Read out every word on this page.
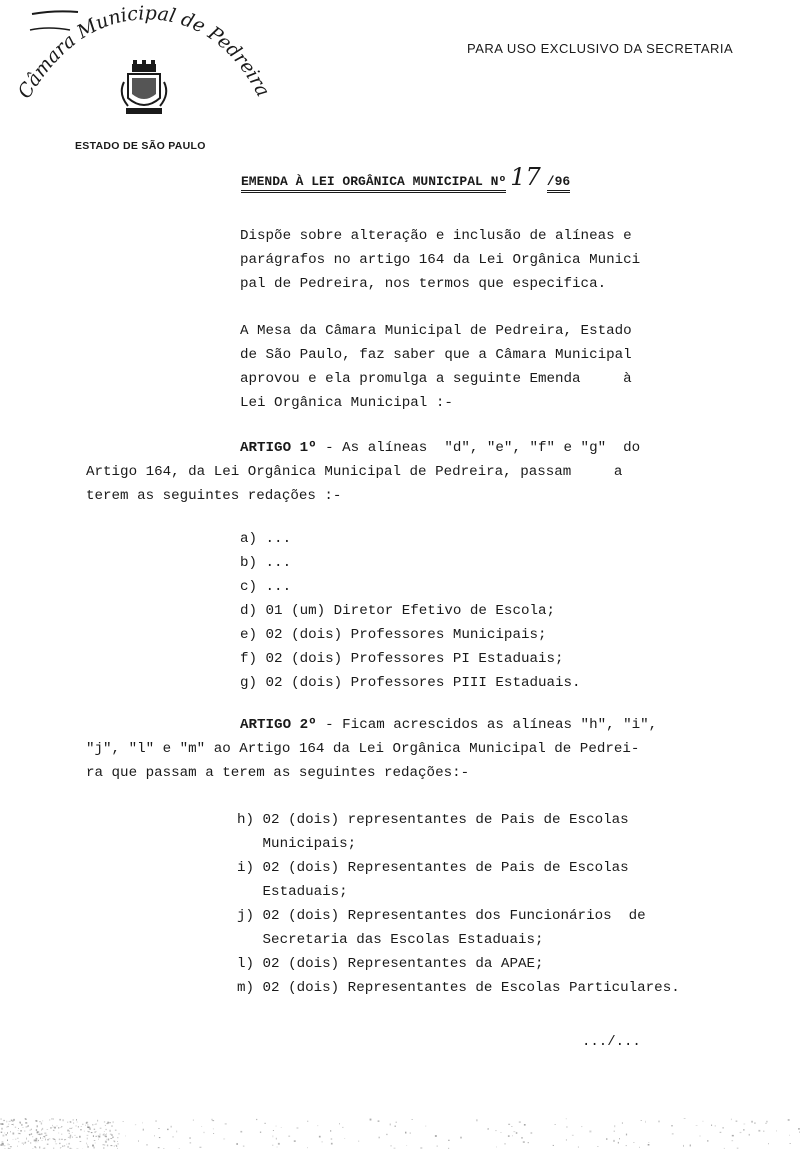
Câmara Municipal de Pedreira
PARA USO EXCLUSIVO DA SECRETARIA
ESTADO DE SÃO PAULO
EMENDA À LEI ORGÂNICA MUNICIPAL Nº 17 /96
Dispõe sobre alteração e inclusão de alíneas e
parágrafos no artigo 164 da Lei Orgânica Munici
pal de Pedreira, nos termos que especifica.
A Mesa da Câmara Municipal de Pedreira, Estado
de São Paulo, faz saber que a Câmara Municipal
aprovou e ela promulga a seguinte Emenda     à
Lei Orgânica Municipal :-
ARTIGO 1º - As alíneas  "d", "e", "f" e "g"  do
Artigo 164, da Lei Orgânica Municipal de Pedreira, passam     a
terem as seguintes redações :-
a) ...
b) ...
c) ...
d) 01 (um) Diretor Efetivo de Escola;
e) 02 (dois) Professores Municipais;
f) 02 (dois) Professores PI Estaduais;
g) 02 (dois) Professores PIII Estaduais.
ARTIGO 2º - Ficam acrescidos as alíneas "h", "i",
"j", "l" e "m" ao Artigo 164 da Lei Orgânica Municipal de Pedrei-
ra que passam a terem as seguintes redações:-
h) 02 (dois) representantes de Pais de Escolas
Municipais;
i) 02 (dois) Representantes de Pais de Escolas
Estaduais;
j) 02 (dois) Representantes dos Funcionários  de
Secretaria das Escolas Estaduais;
l) 02 (dois) Representantes da APAE;
m) 02 (dois) Representantes de Escolas Particulares.
.../...
